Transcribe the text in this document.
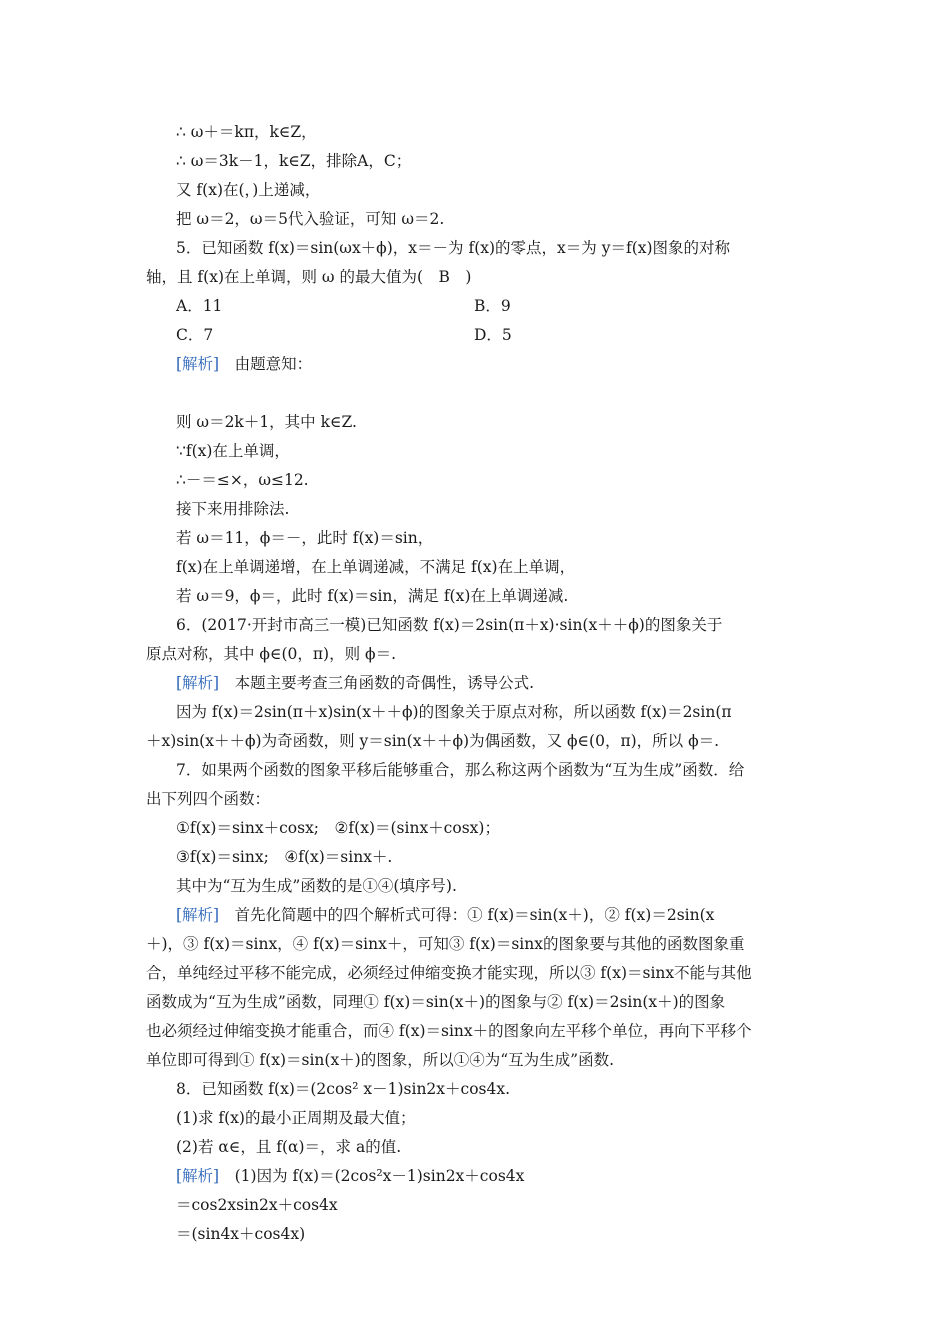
∴ ω＋＝kπ，k∈Z，
∴ ω＝3k－1，k∈Z，排除A，C；
又 f(x)在(，)上递减，
把 ω＝2，ω＝5代入验证，可知 ω＝2.
5．已知函数 f(x)＝sin(ωx＋ϕ)，x＝－为 f(x)的零点，x＝为 y＝f(x)图象的对称
轴，且 f(x)在上单调，则 ω 的最大值为(　B　)
A．11	B．9
C．7	D．5
[解析]　由题意知：
则 ω＝2k＋1，其中 k∈Z.
∵f(x)在上单调，
∴－＝≤×，ω≤12.
接下来用排除法.
若 ω＝11，ϕ＝－，此时 f(x)＝sin，
f(x)在上单调递增，在上单调递减，不满足 f(x)在上单调，
若 ω＝9，ϕ＝，此时 f(x)＝sin，满足 f(x)在上单调递减.
6．(2017·开封市高三一模)已知函数 f(x)＝2sin(π＋x)·sin(x＋＋ϕ)的图象关于
原点对称，其中 ϕ∈(0，π)，则 ϕ＝.
[解析]　本题主要考查三角函数的奇偶性，诱导公式.
因为 f(x)＝2sin(π＋x)sin(x＋＋ϕ)的图象关于原点对称，所以函数 f(x)＝2sin(π
＋x)sin(x＋＋ϕ)为奇函数，则 y＝sin(x＋＋ϕ)为偶函数，又 ϕ∈(0，π)，所以 ϕ＝.
7．如果两个函数的图象平移后能够重合，那么称这两个函数为“互为生成”函数．给
出下列四个函数：
①f(x)＝sinx＋cosx;　②f(x)＝(sinx＋cosx)；
③f(x)＝sinx;　④f(x)＝sinx＋.
其中为“互为生成”函数的是①④(填序号).
[解析]　首先化简题中的四个解析式可得：① f(x)＝sin(x＋)，② f(x)＝2sin(x
＋)，③ f(x)＝sinx，④ f(x)＝sinx＋，可知③ f(x)＝sinx的图象要与其他的函数图象重
合，单纯经过平移不能完成，必须经过伸缩变换才能实现，所以③ f(x)＝sinx不能与其他
函数成为“互为生成”函数，同理① f(x)＝sin(x＋)的图象与② f(x)＝2sin(x＋)的图象
也必须经过伸缩变换才能重合，而④ f(x)＝sinx＋的图象向左平移个单位，再向下平移个
单位即可得到① f(x)＝sin(x＋)的图象，所以①④为“互为生成”函数.
8．已知函数 f(x)＝(2cos² x－1)sin2x＋cos4x.
(1)求 f(x)的最小正周期及最大值；
(2)若 α∈，且 f(α)＝，求 a的值.
[解析]　(1)因为 f(x)＝(2cos²x－1)sin2x＋cos4x
＝cos2xsin2x＋cos4x
＝(sin4x＋cos4x)
